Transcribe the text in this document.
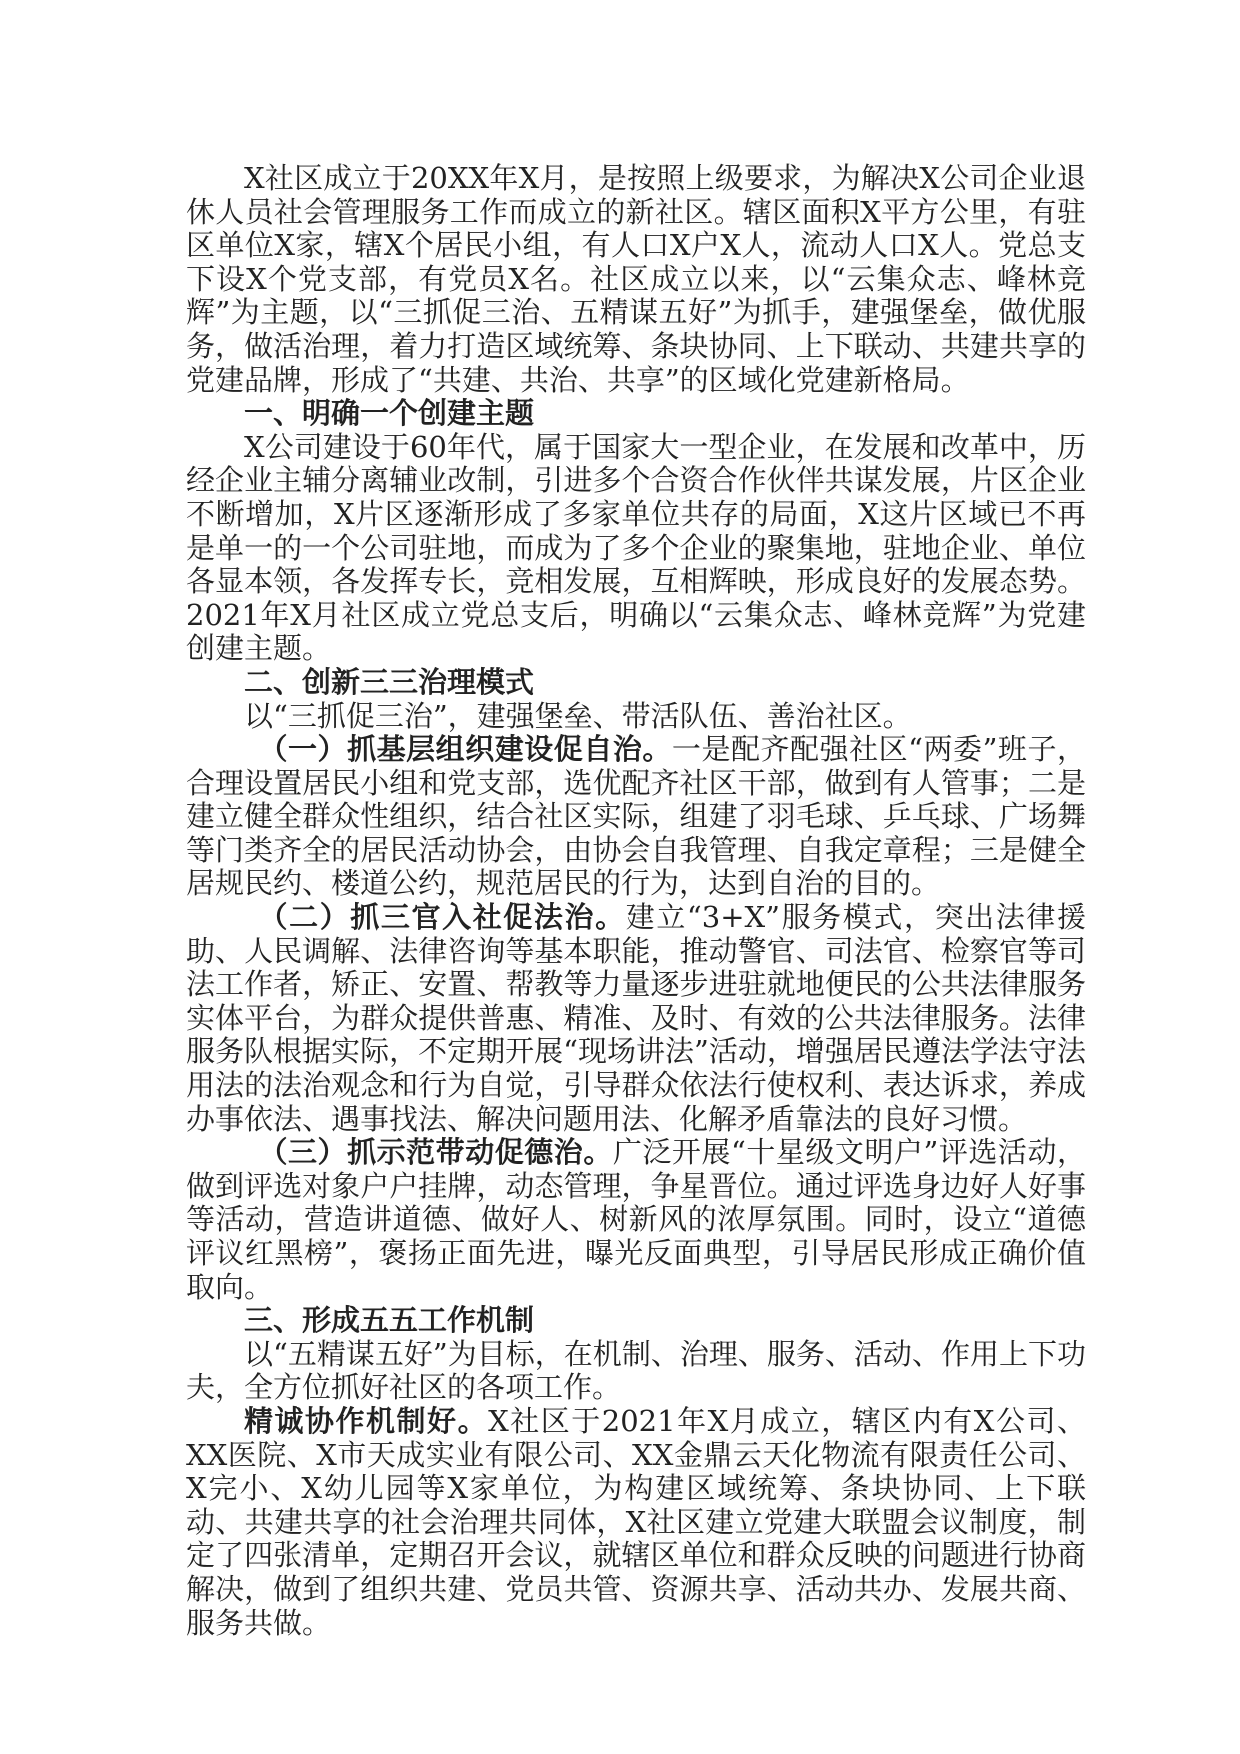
X社区成立于20XX年X月，是按照上级要求，为解决X公司企业退休人员社会管理服务工作而成立的新社区。辖区面积X平方公里，有驻区单位X家，辖X个居民小组，有人口X户X人，流动人口X人。党总支下设X个党支部，有党员X名。社区成立以来，以“云集众志、峰林竞辉”为主题，以“三抓促三治、五精谋五好”为抓手，建强堡垒，做优服务，做活治理，着力打造区域统筹、条块协同、上下联动、共建共享的党建品牌，形成了“共建、共治、共享”的区域化党建新格局。

一、明确一个创建主题

X公司建设于60年代，属于国家大一型企业，在发展和改革中，历经企业主辅分离辅业改制，引进多个合资合作伙伴共谋发展，片区企业不断增加，X片区逐渐形成了多家单位共存的局面，X这片区域已不再是单一的一个公司驻地，而成为了多个企业的聚集地，驻地企业、单位各显本领，各发挥专长，竞相发展，互相辉映，形成良好的发展态势。2021年X月社区成立党总支后，明确以“云集众志、峰林竞辉”为党建创建主题。

二、创新三三治理模式

以“三抓促三治”，建强堡垒、带活队伍、善治社区。

（一）抓基层组织建设促自治。一是配齐配强社区“两委”班子，合理设置居民小组和党支部，选优配齐社区干部，做到有人管事；二是建立健全群众性组织，结合社区实际，组建了羽毛球、乒乓球、广场舞等门类齐全的居民活动协会，由协会自我管理、自我定章程；三是健全居规民约、楼道公约，规范居民的行为，达到自治的目的。

（二）抓三官入社促法治。建立“3+X”服务模式，突出法律援助、人民调解、法律咨询等基本职能，推动警官、司法官、检察官等司法工作者，矫正、安置、帮教等力量逐步进驻就地便民的公共法律服务实体平台，为群众提供普惠、精准、及时、有效的公共法律服务。法律服务队根据实际，不定期开展“现场讲法”活动，增强居民遵法学法守法用法的法治观念和行为自觉，引导群众依法行使权利、表达诉求，养成办事依法、遇事找法、解决问题用法、化解矛盾靠法的良好习惯。

（三）抓示范带动促德治。广泛开展“十星级文明户”评选活动，做到评选对象户户挂牌，动态管理，争星晋位。通过评选身边好人好事等活动，营造讲道德、做好人、树新风的浓厚氛围。同时，设立“道德评议红黑榜”，褒扬正面先进，曝光反面典型，引导居民形成正确价值取向。

三、形成五五工作机制

以“五精谋五好”为目标，在机制、治理、服务、活动、作用上下功夫，全方位抓好社区的各项工作。

精诚协作机制好。X社区于2021年X月成立，辖区内有X公司、XX医院、X市天成实业有限公司、XX金鼎云天化物流有限责任公司、X完小、X幼儿园等X家单位，为构建区域统筹、条块协同、上下联动、共建共享的社会治理共同体，X社区建立党建大联盟会议制度，制定了四张清单，定期召开会议，就辖区单位和群众反映的问题进行协商解决，做到了组织共建、党员共管、资源共享、活动共办、发展共商、服务共做。
